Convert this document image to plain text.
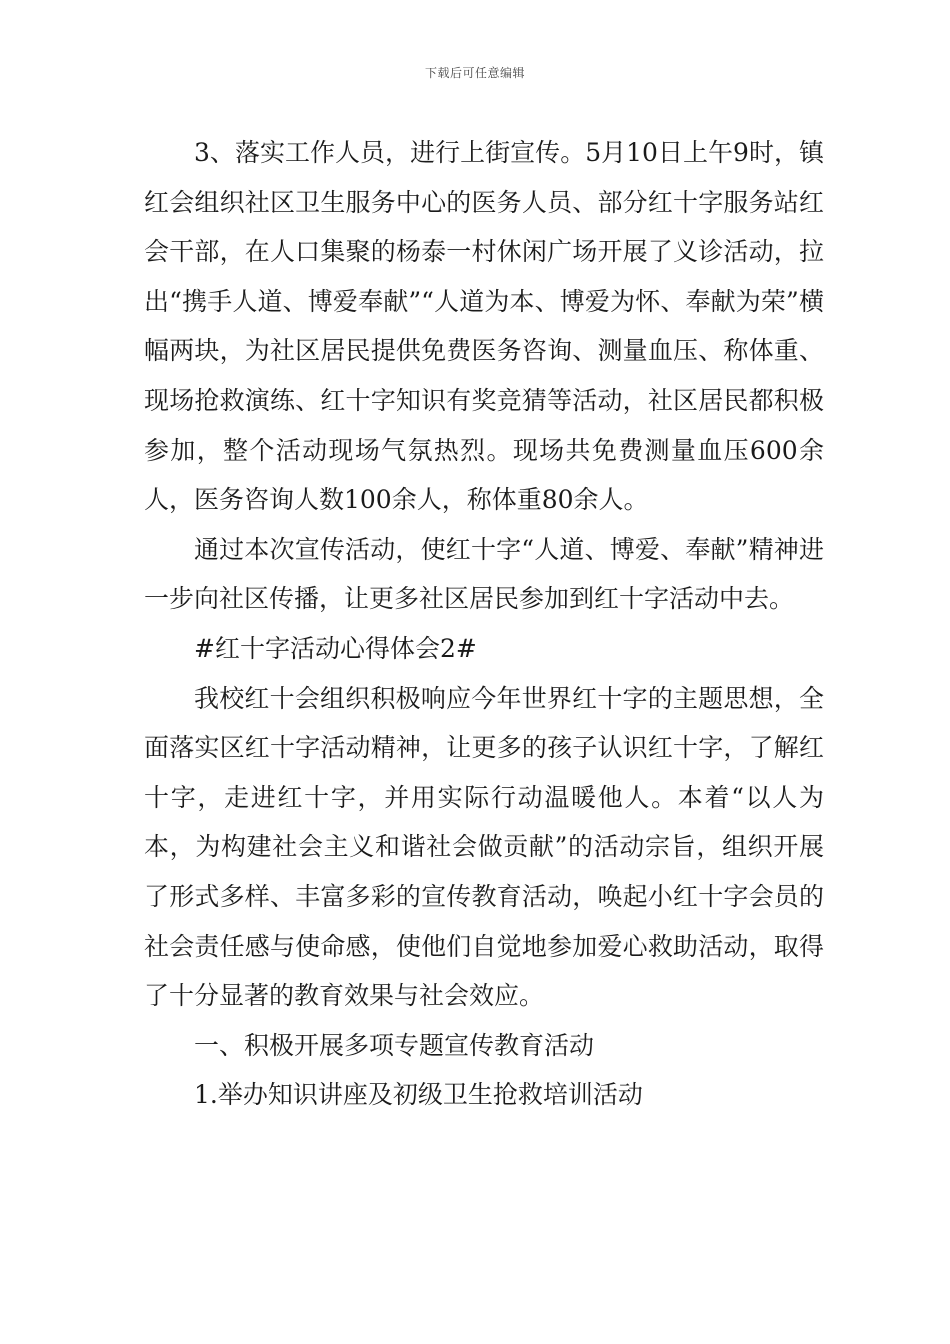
下载后可任意编辑

3、落实工作人员，进行上街宣传。5月10日上午9时，镇红会组织社区卫生服务中心的医务人员、部分红十字服务站红会干部，在人口集聚的杨泰一村休闲广场开展了义诊活动，拉出“携手人道、博爱奉献”“人道为本、博爱为怀、奉献为荣”横幅两块，为社区居民提供免费医务咨询、测量血压、称体重、现场抢救演练、红十字知识有奖竞猜等活动，社区居民都积极参加，整个活动现场气氛热烈。现场共免费测量血压600余人，医务咨询人数100余人，称体重80余人。

通过本次宣传活动，使红十字“人道、博爱、奉献”精神进一步向社区传播，让更多社区居民参加到红十字活动中去。

#红十字活动心得体会2#

我校红十会组织积极响应今年世界红十字的主题思想，全面落实区红十字活动精神，让更多的孩子认识红十字，了解红十字，走进红十字，并用实际行动温暖他人。本着“以人为本，为构建社会主义和谐社会做贡献”的活动宗旨，组织开展了形式多样、丰富多彩的宣传教育活动，唤起小红十字会员的社会责任感与使命感，使他们自觉地参加爱心救助活动，取得了十分显著的教育效果与社会效应。

一、积极开展多项专题宣传教育活动

1.举办知识讲座及初级卫生抢救培训活动
